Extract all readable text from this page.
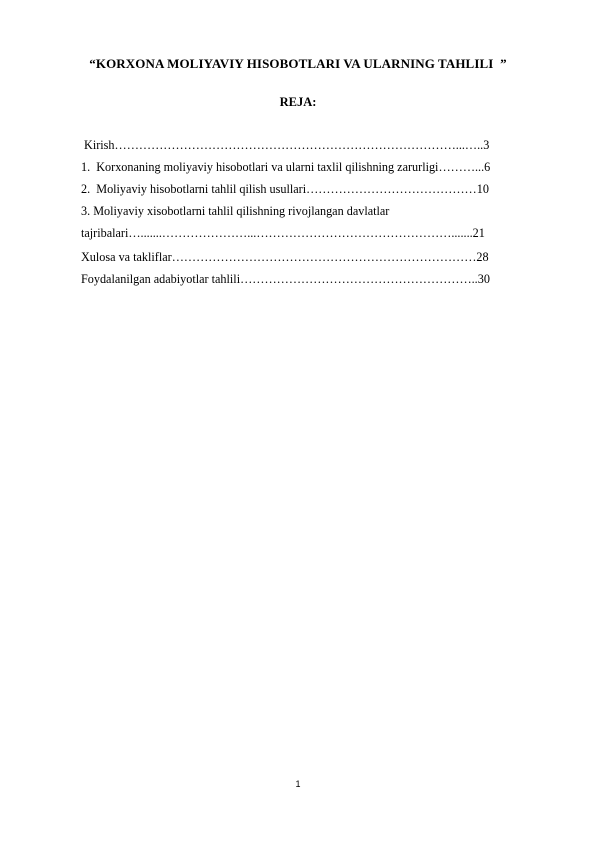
“KORXONA MOLIYAVIY HISOBOTLARI VA ULARNING TAHLILI  ”
REJA:
Kirish…………………………………………………………………………...…..3
1.  Korxonaning moliyaviy hisobotlari va ularni taxlil qilishning zarurligi………...6
2.  Moliyaviy hisobotlarni tahlil qilish usullari……………………………………10
3. Moliyaviy xisobotlarni tahlil qilishning rivojlangan davlatlar
tajribalari….......…………………...………………………………………….......21
Xulosa va takliflar…………………………………………………………………28
Foydalanilgan adabiyotlar tahlili…………………………………………………..30
1
